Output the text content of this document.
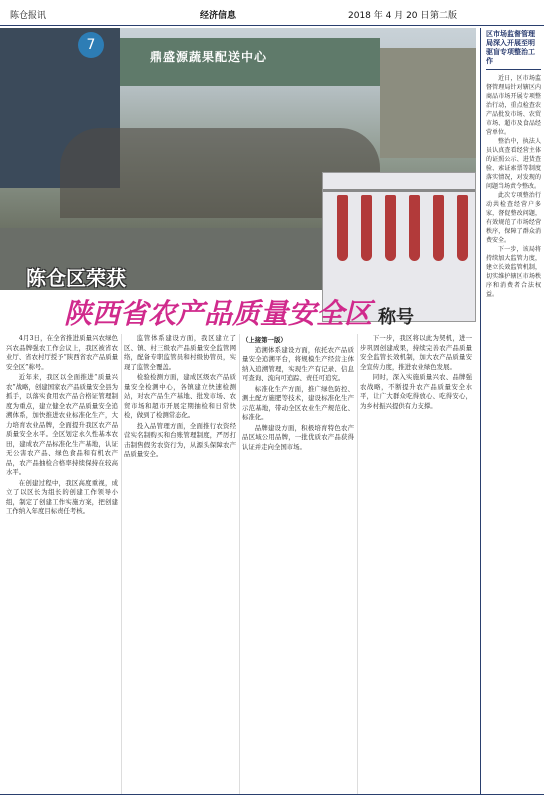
陈仓报讯	经济信息	2018 年 4 月 20 日 第二版
7
鼎盛源蔬果配送中心
陈仓区荣获
陕西省农产品质量安全区 称号

4月3日，在全省推进质量兴农绿色兴农品牌强农工作会议上，我区被省农业厅、省农村厅授予“陕西省农产品质量安全区”称号。

近年来，我区以全面推进“质量兴农”战略，创建国家农产品质量安全县为抓手，以落实食用农产品合格证管理制度为重点，建立健全农产品质量安全追溯体系，加快推进农业标准化生产，大力培育农业品牌，全面提升我区农产品质量安全水平。全区划定永久性基本农田，建成农产品标准化生产基地，认证无公害农产品、绿色食品和有机农产品，农产品抽检合格率持续保持在较高水平。

在创建过程中，我区高度重视，成立了以区长为组长的创建工作领导小组，制定了创建工作实施方案，把创建工作纳入年度目标责任考核。

监管体系建设方面，我区建立了区、镇、村三级农产品质量安全监管网络，配备专职监管员和村级协管员，实现了监管全覆盖。

检验检测方面，建成区级农产品质量安全检测中心，各镇建立快速检测站，对农产品生产基地、批发市场、农贸市场和超市开展定期抽检和日常快检，做到了检测常态化。

投入品管理方面，全面推行农资经营实名制购买和台账管理制度，严厉打击制售假劣农资行为，从源头保障农产品质量安全。

（上接第一版）

追溯体系建设方面，依托农产品质量安全追溯平台，将规模生产经营主体纳入追溯管理，实现生产有记录、信息可查询、流向可追踪、责任可追究。

标准化生产方面，推广绿色防控、测土配方施肥等技术，建设标准化生产示范基地，带动全区农业生产规范化、标准化。

品牌建设方面，积极培育特色农产品区域公用品牌，一批优质农产品获得认证并走向全国市场。

下一步，我区将以此为契机，进一步巩固创建成果，持续完善农产品质量安全监管长效机制，加大农产品质量安全宣传力度，推进农业绿色发展。

同时，深入实施质量兴农、品牌强农战略，不断提升农产品质量安全水平，让广大群众吃得放心、吃得安心，为乡村振兴提供有力支撑。

区市场监督管理局深入开展至明驱盲专项整治工作

近日，区市场监督管理局针对辖区内商品市场开展专项整治行动，重点检查农产品批发市场、农贸市场、超市及食品经营单位。

整治中，执法人员认真查看经营主体的证照公示、进货查验、索证索票等制度落实情况，对发现的问题当场责令整改。

此次专项整治行动共检查经营户多家，督促整改问题，有效规范了市场经营秩序，保障了群众消费安全。

下一步，该局将持续加大监管力度，建立长效监管机制，切实维护辖区市场秩序和消费者合法权益。
